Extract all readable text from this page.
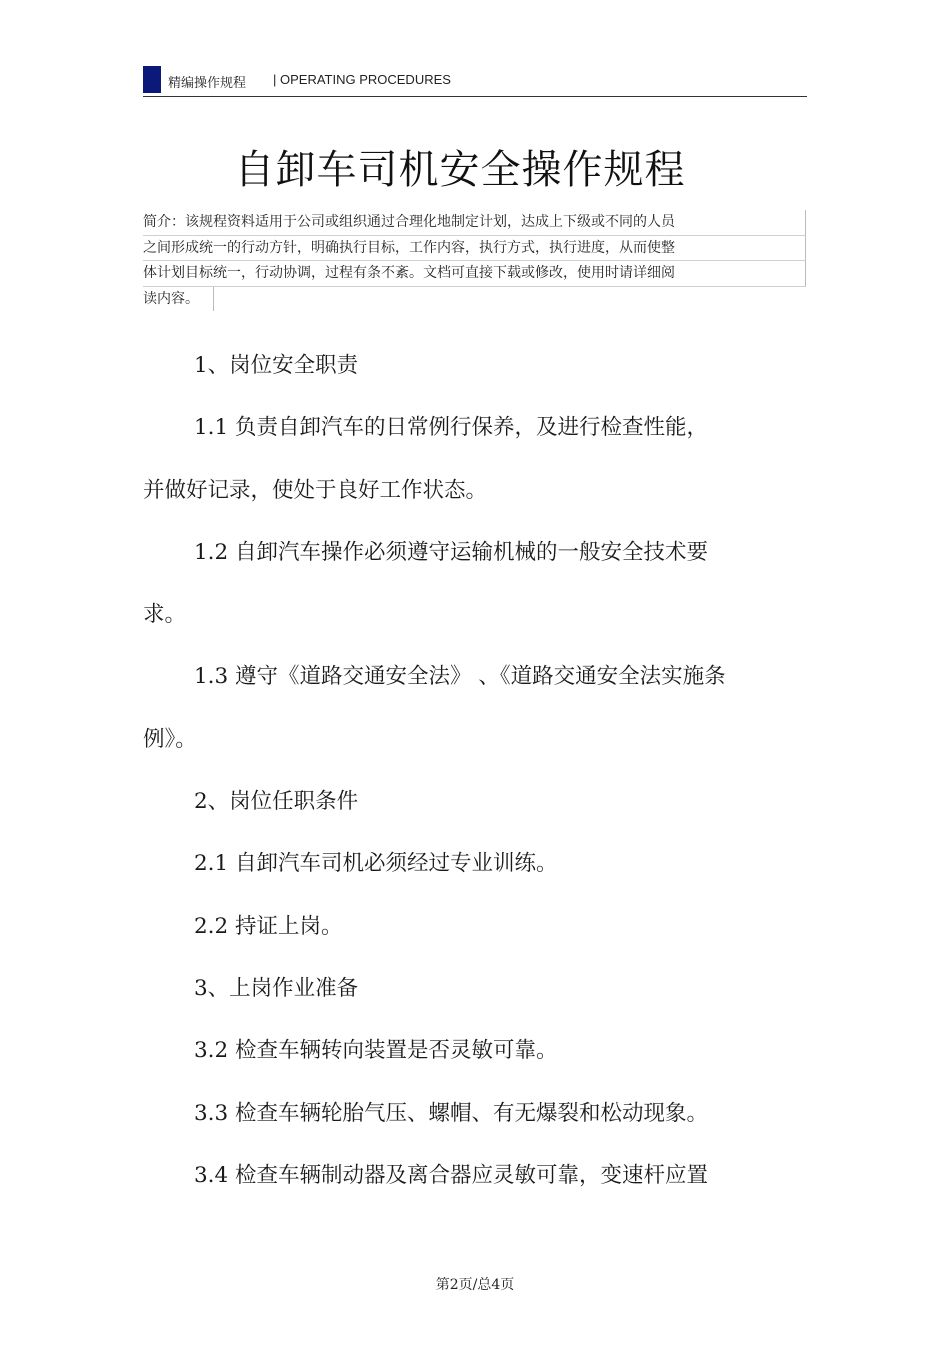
精编操作规程 | OPERATING PROCEDURES
自卸车司机安全操作规程
简介：该规程资料适用于公司或组织通过合理化地制定计划，达成上下级或不同的人员
之间形成统一的行动方针，明确执行目标，工作内容，执行方式，执行进度，从而使整
体计划目标统一，行动协调，过程有条不紊。文档可直接下载或修改，使用时请详细阅
读内容。
1、岗位安全职责
1.1 负责自卸汽车的日常例行保养，及进行检查性能，
并做好记录，使处于良好工作状态。
1.2 自卸汽车操作必须遵守运输机械的一般安全技术要
求。
1.3 遵守《道路交通安全法》 、《道路交通安全法实施条
例》。
2、岗位任职条件
2.1 自卸汽车司机必须经过专业训练。
2.2 持证上岗。
3、上岗作业准备
3.2 检查车辆转向装置是否灵敏可靠。
3.3 检查车辆轮胎气压、螺帽、有无爆裂和松动现象。
3.4 检查车辆制动器及离合器应灵敏可靠，变速杆应置
第2页/总4页
